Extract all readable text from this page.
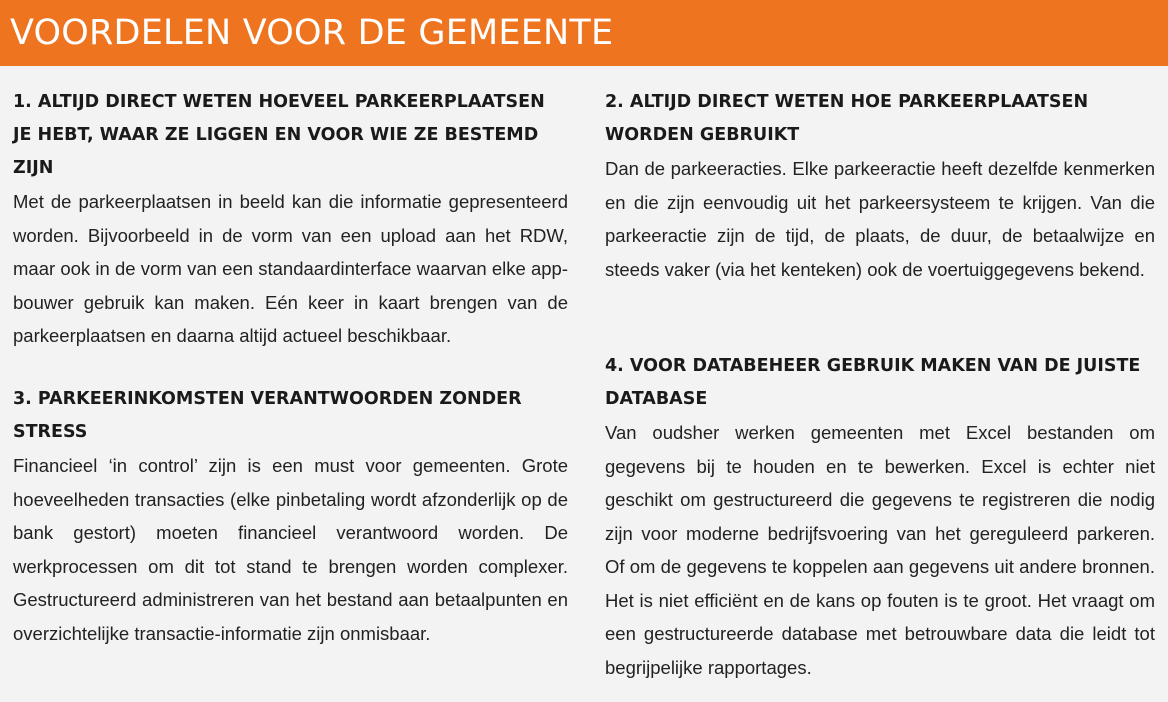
VOORDELEN VOOR DE GEMEENTE
1. ALTIJD DIRECT WETEN HOEVEEL PARKEERPLAATSEN JE HEBT, WAAR ZE LIGGEN EN VOOR WIE ZE BESTEMD ZIJN

Met de parkeerplaatsen in beeld kan die informatie gepresenteerd worden. Bijvoorbeeld in de vorm van een upload aan het RDW, maar ook in de vorm van een standaardinterface waarvan elke app-bouwer gebruik kan maken. Eén keer in kaart brengen van de parkeerplaatsen en daarna altijd actueel beschikbaar.

2. ALTIJD DIRECT WETEN HOE PARKEERPLAATSEN WORDEN GEBRUIKT

Dan de parkeeracties. Elke parkeeractie heeft dezelfde kenmerken en die zijn eenvoudig uit het parkeersysteem te krijgen. Van die parkeeractie zijn de tijd, de plaats, de duur, de betaalwijze en steeds vaker (via het kenteken) ook de voertuiggegevens bekend.

3. PARKEERINKOMSTEN VERANTWOORDEN ZONDER STRESS

Financieel ‘in control’ zijn is een must voor gemeenten. Grote hoeveelheden transacties (elke pinbetaling wordt afzonderlijk op de bank gestort) moeten financieel verantwoord worden. De werkprocessen om dit tot stand te brengen worden complexer. Gestructureerd administreren van het bestand aan betaalpunten en overzichtelijke transactie-informatie zijn onmisbaar.

4. VOOR DATABEHEER GEBRUIK MAKEN VAN DE JUISTE DATABASE

Van oudsher werken gemeenten met Excel bestanden om gegevens bij te houden en te bewerken. Excel is echter niet geschikt om gestructureerd die gegevens te registreren die nodig zijn voor moderne bedrijfsvoering van het gereguleerd parkeren. Of om de gegevens te koppelen aan gegevens uit andere bronnen. Het is niet efficiënt en de kans op fouten is te groot. Het vraagt om een gestructureerde database met betrouwbare data die leidt tot begrijpelijke rapportages.
